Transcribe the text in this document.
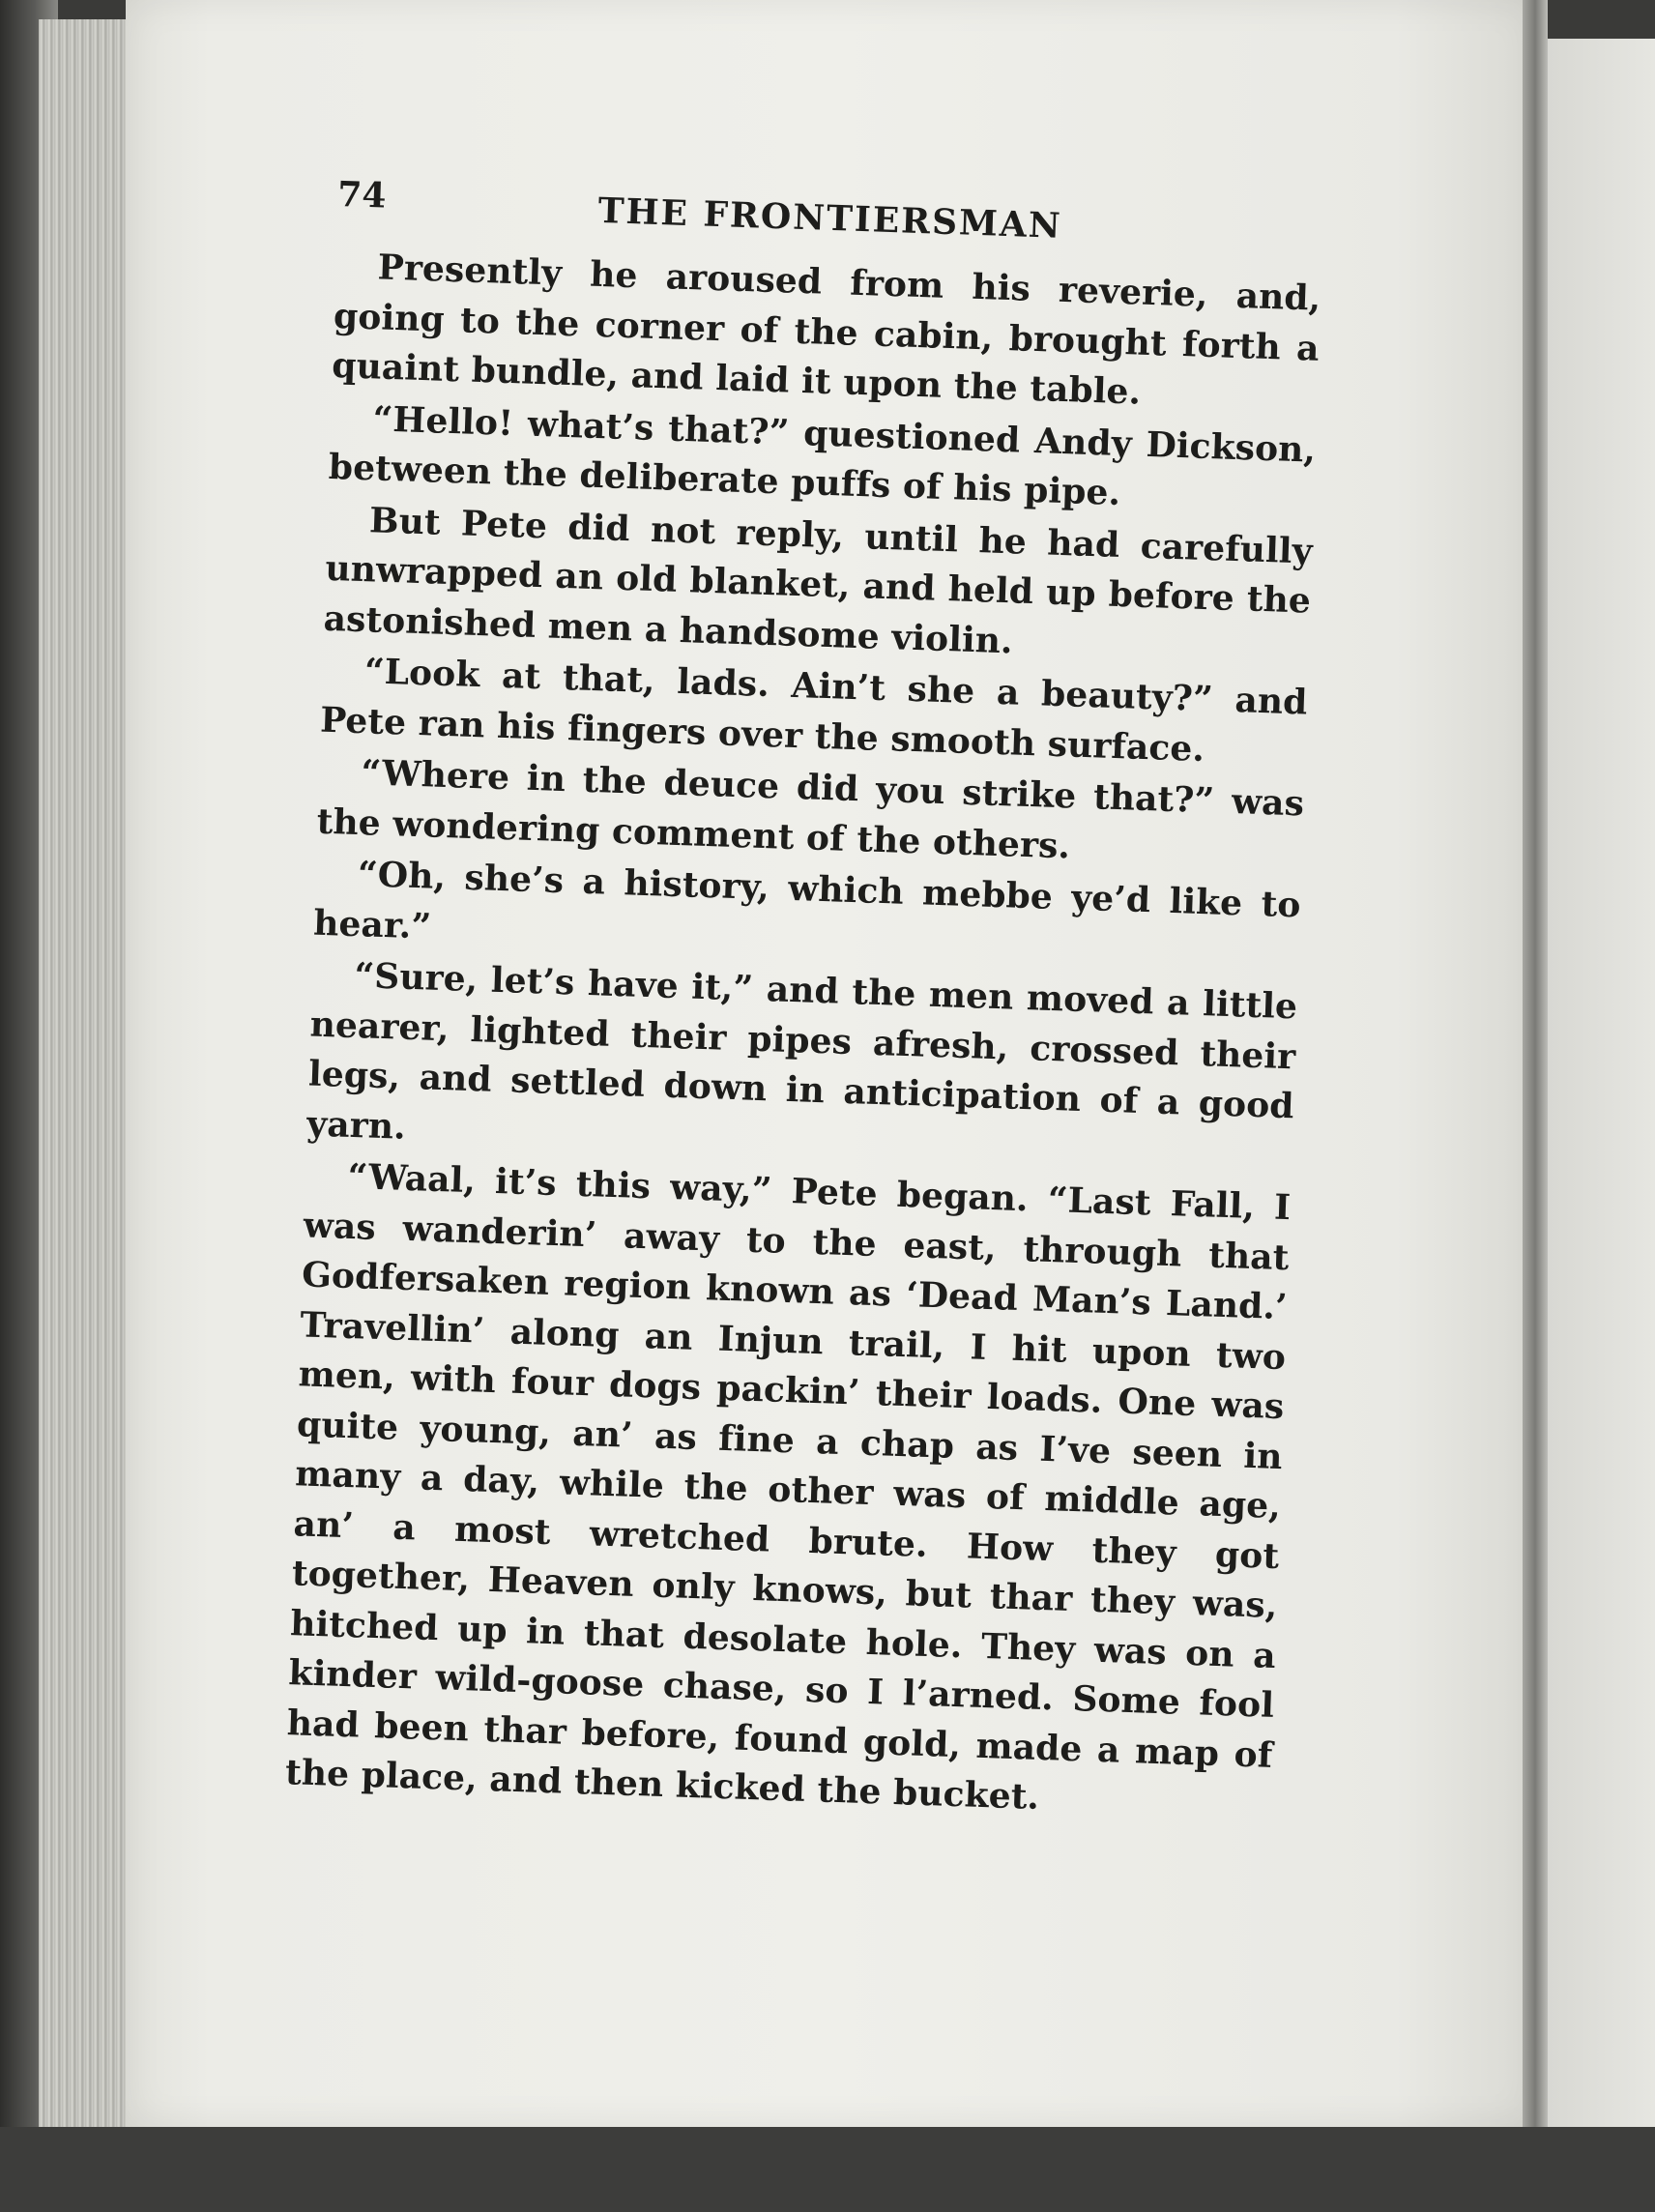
74	THE FRONTIERSMAN

Presently he aroused from his reverie, and, going to the corner of the cabin, brought forth a quaint bundle, and laid it upon the table.

“Hello! what’s that?” questioned Andy Dickson, between the deliberate puffs of his pipe.

But Pete did not reply, until he had carefully unwrapped an old blanket, and held up before the astonished men a handsome violin.

“Look at that, lads. Ain’t she a beauty?” and Pete ran his fingers over the smooth surface.

“Where in the deuce did you strike that?” was the wondering comment of the others.

“Oh, she’s a history, which mebbe ye’d like to hear.”

“Sure, let’s have it,” and the men moved a little nearer, lighted their pipes afresh, crossed their legs, and settled down in anticipation of a good yarn.

“Waal, it’s this way,” Pete began. “Last Fall, I was wanderin’ away to the east, through that Godfersaken region known as ‘Dead Man’s Land.’ Travellin’ along an Injun trail, I hit upon two men, with four dogs packin’ their loads. One was quite young, an’ as fine a chap as I’ve seen in many a day, while the other was of middle age, an’ a most wretched brute. How they got together, Heaven only knows, but thar they was, hitched up in that desolate hole. They was on a kinder wild-goose chase, so I l’arned. Some fool had been thar before, found gold, made a map of the place, and then kicked the bucket.
